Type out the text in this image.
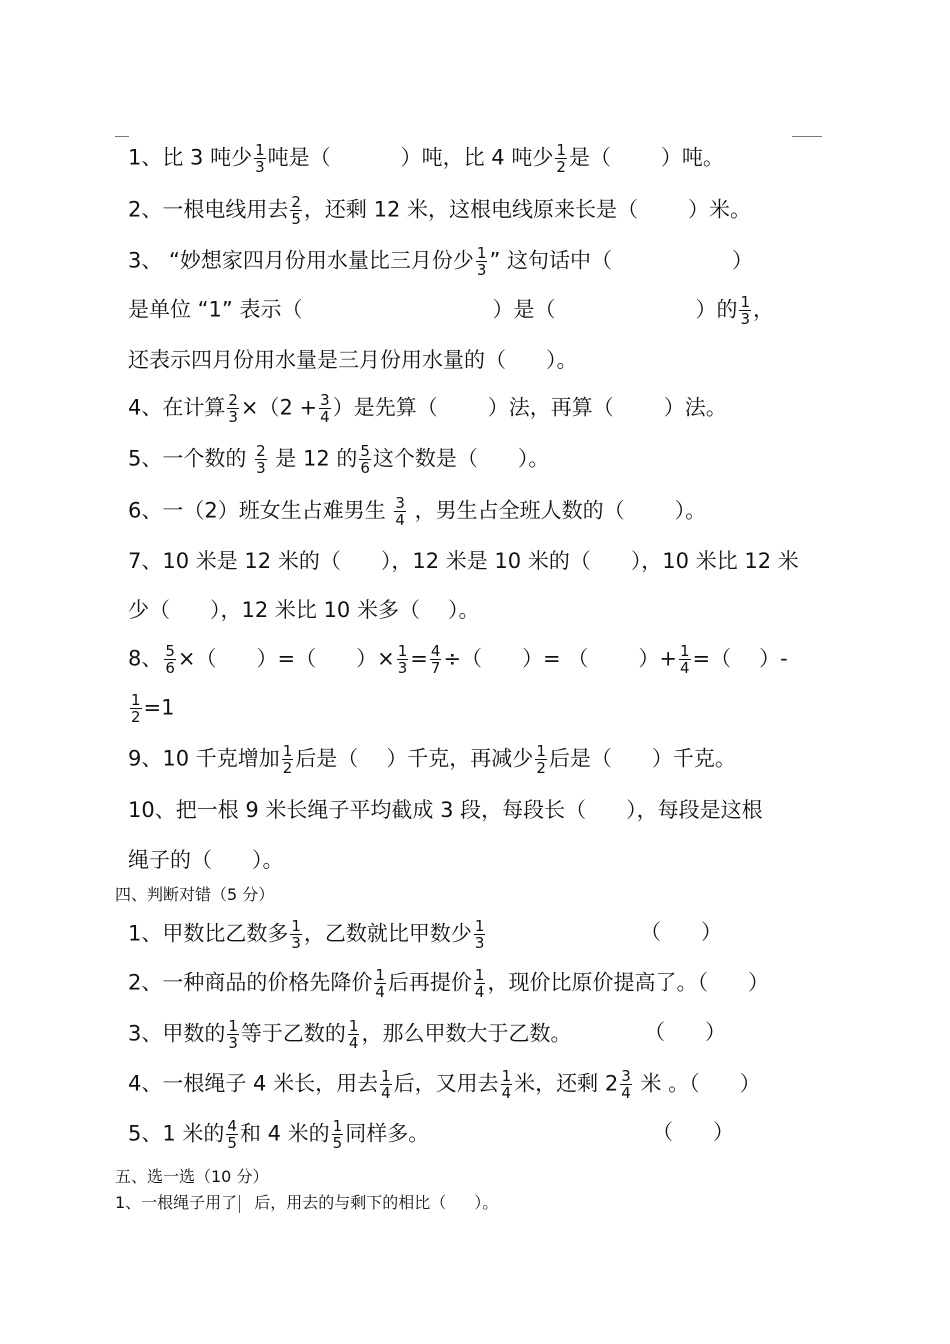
1、比 3 吨少 $\frac{1}{3}$ 吨是（	）吨，比 4 吨少 $\frac{1}{2}$ 是（ ）吨。
2、一根电线用去 $\frac{2}{5}$ ，还剩 12 米，这根电线原来长是（ ）米。
3、 “妙想家四月份用水量比三月份少 $\frac{1}{3}$ ” 这句话中（	）
是单位 “1” 表示（	）是（	）的 $\frac{1}{3}$ ，
还表示四月份用水量是三月份用水量的（ ）。
4、在计算 $\frac{2}{3} \times(2 + \frac{3}{4}$ ）是先算（ ）法，再算（ ）法。
5、一个数的 $\frac{2}{3}$ 是 12 的 $\frac{5}{6}$ 这个数是（ ）。
6、一（2）班女生占难男生 $\frac{3}{4}$ ，男生占全班人数的（ ）。
7、10 米是 12 米的（ ），12 米是 10 米的（ ），10 米比 12 米
少（ ），12 米比 10 米多（ ）。
8、 $\frac{5}{6}$ ×（ ）=（ ）× $\frac{1}{3} = \frac{4}{7}$ ÷（ ）= （ ）+ $\frac{1}{4}$ =（ ）-
$\frac{1}{2} =1$
9、10 千克增加 $\frac{1}{2}$ 后是（ ）千克，再减少 $\frac{1}{2}$ 后是（ ）千克。
10、把一根 9 米长绳子平均截成 3 段，每段长（ ），每段是这根
绳子的（ ）。
四、判断对错（5 分）
1、甲数比乙数多 $\frac{1}{3}$ ，乙数就比甲数少 $\frac{1}{3}$	（ ）
2、一种商品的价格先降价 $\frac{1}{4}$ 后再提价 $\frac{1}{4}$ ，现价比原价提高了。（ ）
3、甲数的 $\frac{1}{3}$ 等于乙数的 $\frac{1}{4}$ ，那么甲数大于乙数。	（ ）
4、一根绳子 4 米长，用去 $\frac{1}{4}$ 后，又用去 $\frac{1}{4}$ 米，还剩 $2 \frac{3}{4}$ 米 。（ ）
5、1 米的 $\frac{4}{5}$ 和 4 米的 $\frac{1}{5}$ 同样多。	（ ）
五、选一选（10 分）
1、一根绳子用了 后，用去的与剩下的相比（ ）。
